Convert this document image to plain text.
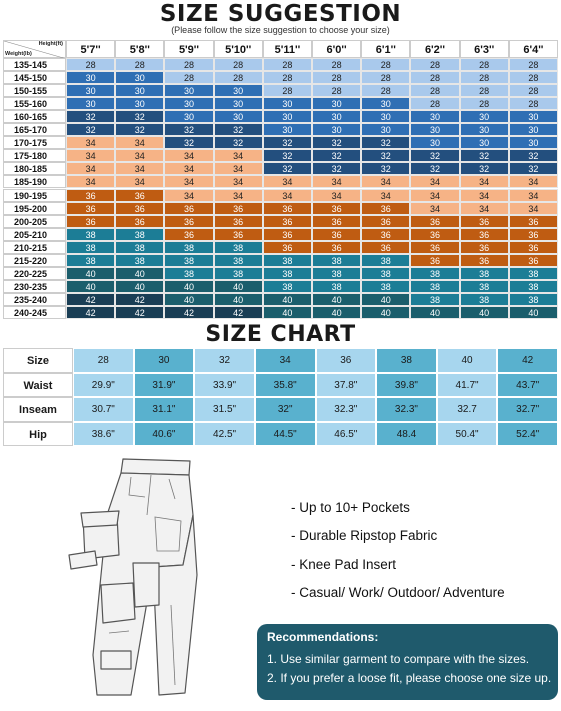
SIZE SUGGESTION
(Please follow the size suggestion to choose your size)
Height(ft)
Weight(lb)	5'7''	5'8''	5'9''	5'10''	5'11''	6'0''	6'1''	6'2''	6'3''	6'4''
135-145	28	28	28	28	28	28	28	28	28	28
145-150	30	30	28	28	28	28	28	28	28	28
150-155	30	30	30	30	28	28	28	28	28	28
155-160	30	30	30	30	30	30	30	28	28	28
160-165	32	32	30	30	30	30	30	30	30	30
165-170	32	32	32	32	30	30	30	30	30	30
170-175	34	34	32	32	32	32	32	30	30	30
175-180	34	34	34	34	32	32	32	32	32	32
180-185	34	34	34	34	32	32	32	32	32	32
185-190	34	34	34	34	34	34	34	34	34	34
190-195	36	36	34	34	34	34	34	34	34	34
195-200	36	36	36	36	36	36	36	34	34	34
200-205	36	36	36	36	36	36	36	36	36	36
205-210	38	38	36	36	36	36	36	36	36	36
210-215	38	38	38	38	36	36	36	36	36	36
215-220	38	38	38	38	38	38	38	36	36	36
220-225	40	40	38	38	38	38	38	38	38	38
230-235	40	40	40	40	38	38	38	38	38	38
235-240	42	42	40	40	40	40	40	38	38	38
240-245	42	42	42	42	40	40	40	40	40	40
SIZE CHART
Size	28	30	32	34	36	38	40	42
Waist	29.9"	31.9"	33.9"	35.8"	37.8"	39.8"	41.7"	43.7"
Inseam	30.7"	31.1"	31.5"	32"	32.3"	32.3"	32.7	32.7"
Hip	38.6"	40.6"	42.5"	44.5"	46.5"	48.4	50.4"	52.4"
- Up to 10+ Pockets
- Durable Ripstop Fabric
- Knee Pad Insert
- Casual/ Work/ Outdoor/ Adventure
Recommendations:
1. Use similar garment to compare with the sizes.
2. If you prefer a loose fit, please choose one size up.
